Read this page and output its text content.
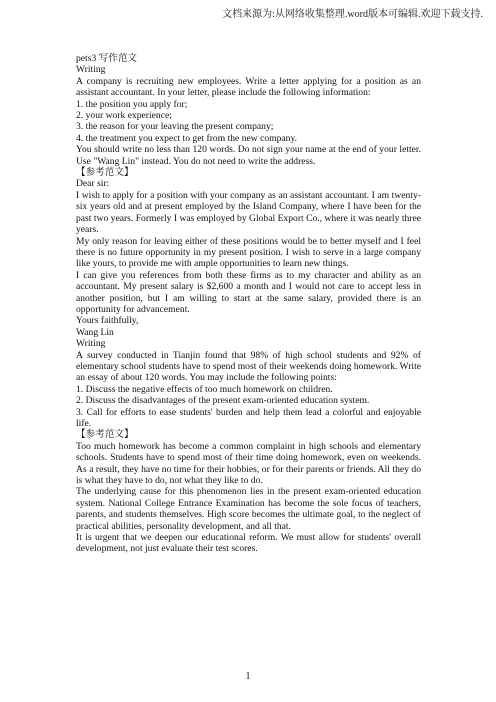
文档来源为:从网络收集整理.word版本可编辑.欢迎下载支持.

pets3 写作范文

Writing

A company is recruiting new employees. Write a letter applying for a position as an assistant accountant. In your letter, please include the following information:

1. the position you apply for;

2. your work experience;

3. the reason for your leaving the present company;

4. the treatment you expect to get from the new company.

You should write no less than 120 words. Do not sign your name at the end of your letter. Use "Wang Lin" instead. You do not need to write the address.

【参考范文】

Dear sir:

I wish to apply for a position with your company as an assistant accountant. I am twenty-six years old and at present employed by the Island Company, where I have been for the past two years. Formerly I was employed by Global Export Co., where it was nearly three years.

My only reason for leaving either of these positions would be to better myself and I feel there is no future opportunity in my present position. I wish to serve in a large company like yours, to provide me with ample opportunities to learn new things.

I can give you references from both these firms as to my character and ability as an accountant. My present salary is $2,600 a month and I would not care to accept less in another position, but I am willing to start at the same salary, provided there is an opportunity for advancement.

Yours faithfully,

Wang Lin

Writing

A survey conducted in Tianjin found that 98% of high school students and 92% of elementary school students have to spend most of their weekends doing homework. Write an essay of about 120 words. You may include the following points:

1. Discuss the negative effects of too much homework on children.

2. Discuss the disadvantages of the present exam-oriented education system.

3. Call for efforts to ease students' burden and help them lead a colorful and enjoyable life.

【参考范文】

Too much homework has become a common complaint in high schools and elementary schools. Students have to spend most of their time doing homework, even on weekends. As a result, they have no time for their hobbies, or for their parents or friends. All they do is what they have to do, not what they like to do.

The underlying cause for this phenomenon lies in the present exam-oriented education system. National College Entrance Examination has become the sole focus of teachers, parents, and students themselves. High score becomes the ultimate goal, to the neglect of practical abilities, personality development, and all that.

It is urgent that we deepen our educational reform. We must allow for students' overall development, not just evaluate their test scores.

1
